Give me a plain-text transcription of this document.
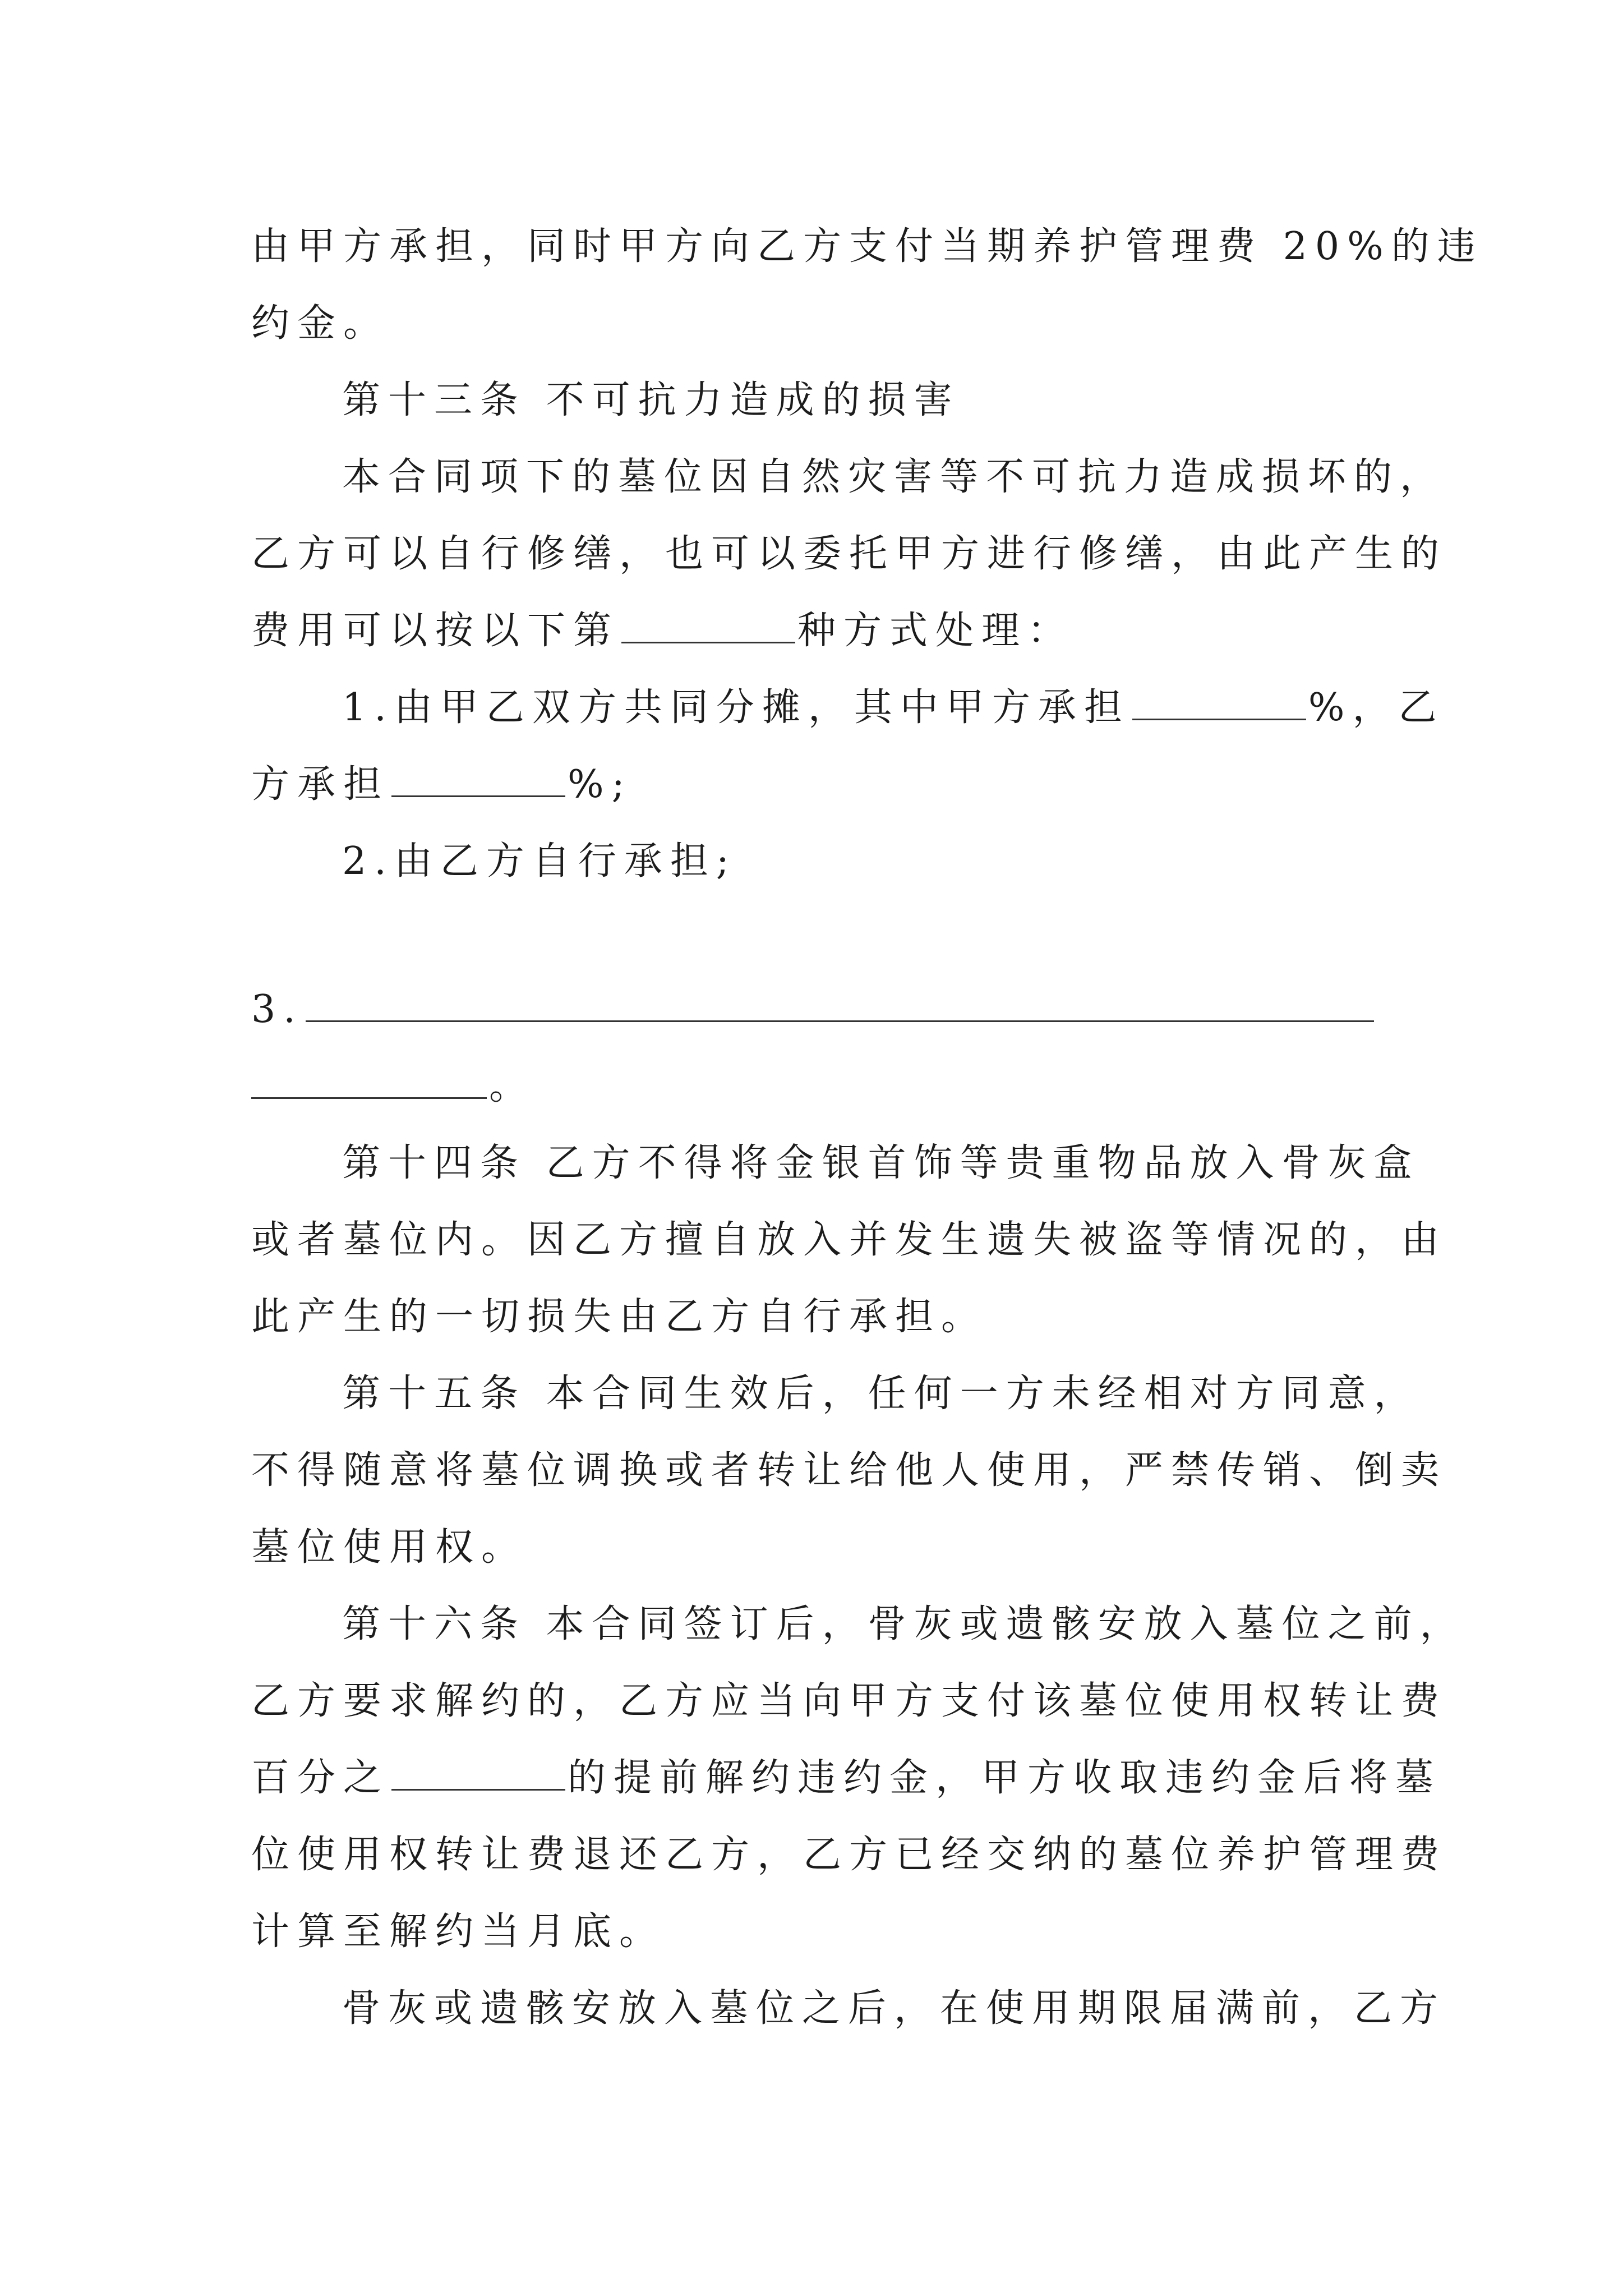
由甲方承担，同时甲方向乙方支付当期养护管理费 20%的违
约金。
第十三条 不可抗力造成的损害
本合同项下的墓位因自然灾害等不可抗力造成损坏的，
乙方可以自行修缮，也可以委托甲方进行修缮，由此产生的
费用可以按以下第	种方式处理：
1.由甲乙双方共同分摊，其中甲方承担	%，乙
方承担	%;
2.由乙方自行承担;
3.
。
第十四条 乙方不得将金银首饰等贵重物品放入骨灰盒
或者墓位内。因乙方擅自放入并发生遗失被盗等情况的，由
此产生的一切损失由乙方自行承担。
第十五条 本合同生效后，任何一方未经相对方同意，
不得随意将墓位调换或者转让给他人使用，严禁传销、倒卖
墓位使用权。
第十六条 本合同签订后，骨灰或遗骸安放入墓位之前，
乙方要求解约的，乙方应当向甲方支付该墓位使用权转让费
百分之	的提前解约违约金，甲方收取违约金后将墓
位使用权转让费退还乙方，乙方已经交纳的墓位养护管理费
计算至解约当月底。
骨灰或遗骸安放入墓位之后，在使用期限届满前，乙方
